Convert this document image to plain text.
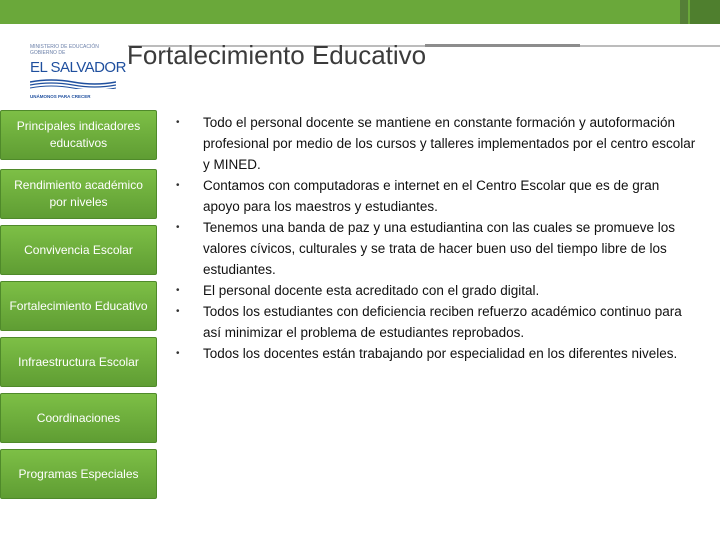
MINISTERIO DE EDUCACIÓN
GOBIERNO DE
EL SALVADOR
UNÁMONOS PARA CRECER
Fortalecimiento Educativo
Principales indicadores educativos
Rendimiento académico por niveles
Convivencia Escolar
Fortalecimiento Educativo
Infraestructura Escolar
Coordinaciones
Programas Especiales
• Todo el personal docente se mantiene en constante formación y autoformación profesional por medio de los cursos y talleres implementados por el centro escolar y MINED.
• Contamos con computadoras e internet en el Centro Escolar que es de gran apoyo para los maestros y estudiantes.
• Tenemos una banda de paz y una estudiantina con las cuales se promueve los valores cívicos, culturales y se trata de hacer buen uso del tiempo libre de los estudiantes.
• El personal docente esta acreditado con el grado digital.
• Todos los estudiantes con deficiencia reciben refuerzo académico continuo para así minimizar el problema de estudiantes reprobados.
• Todos los docentes están trabajando por especialidad en los diferentes niveles.
